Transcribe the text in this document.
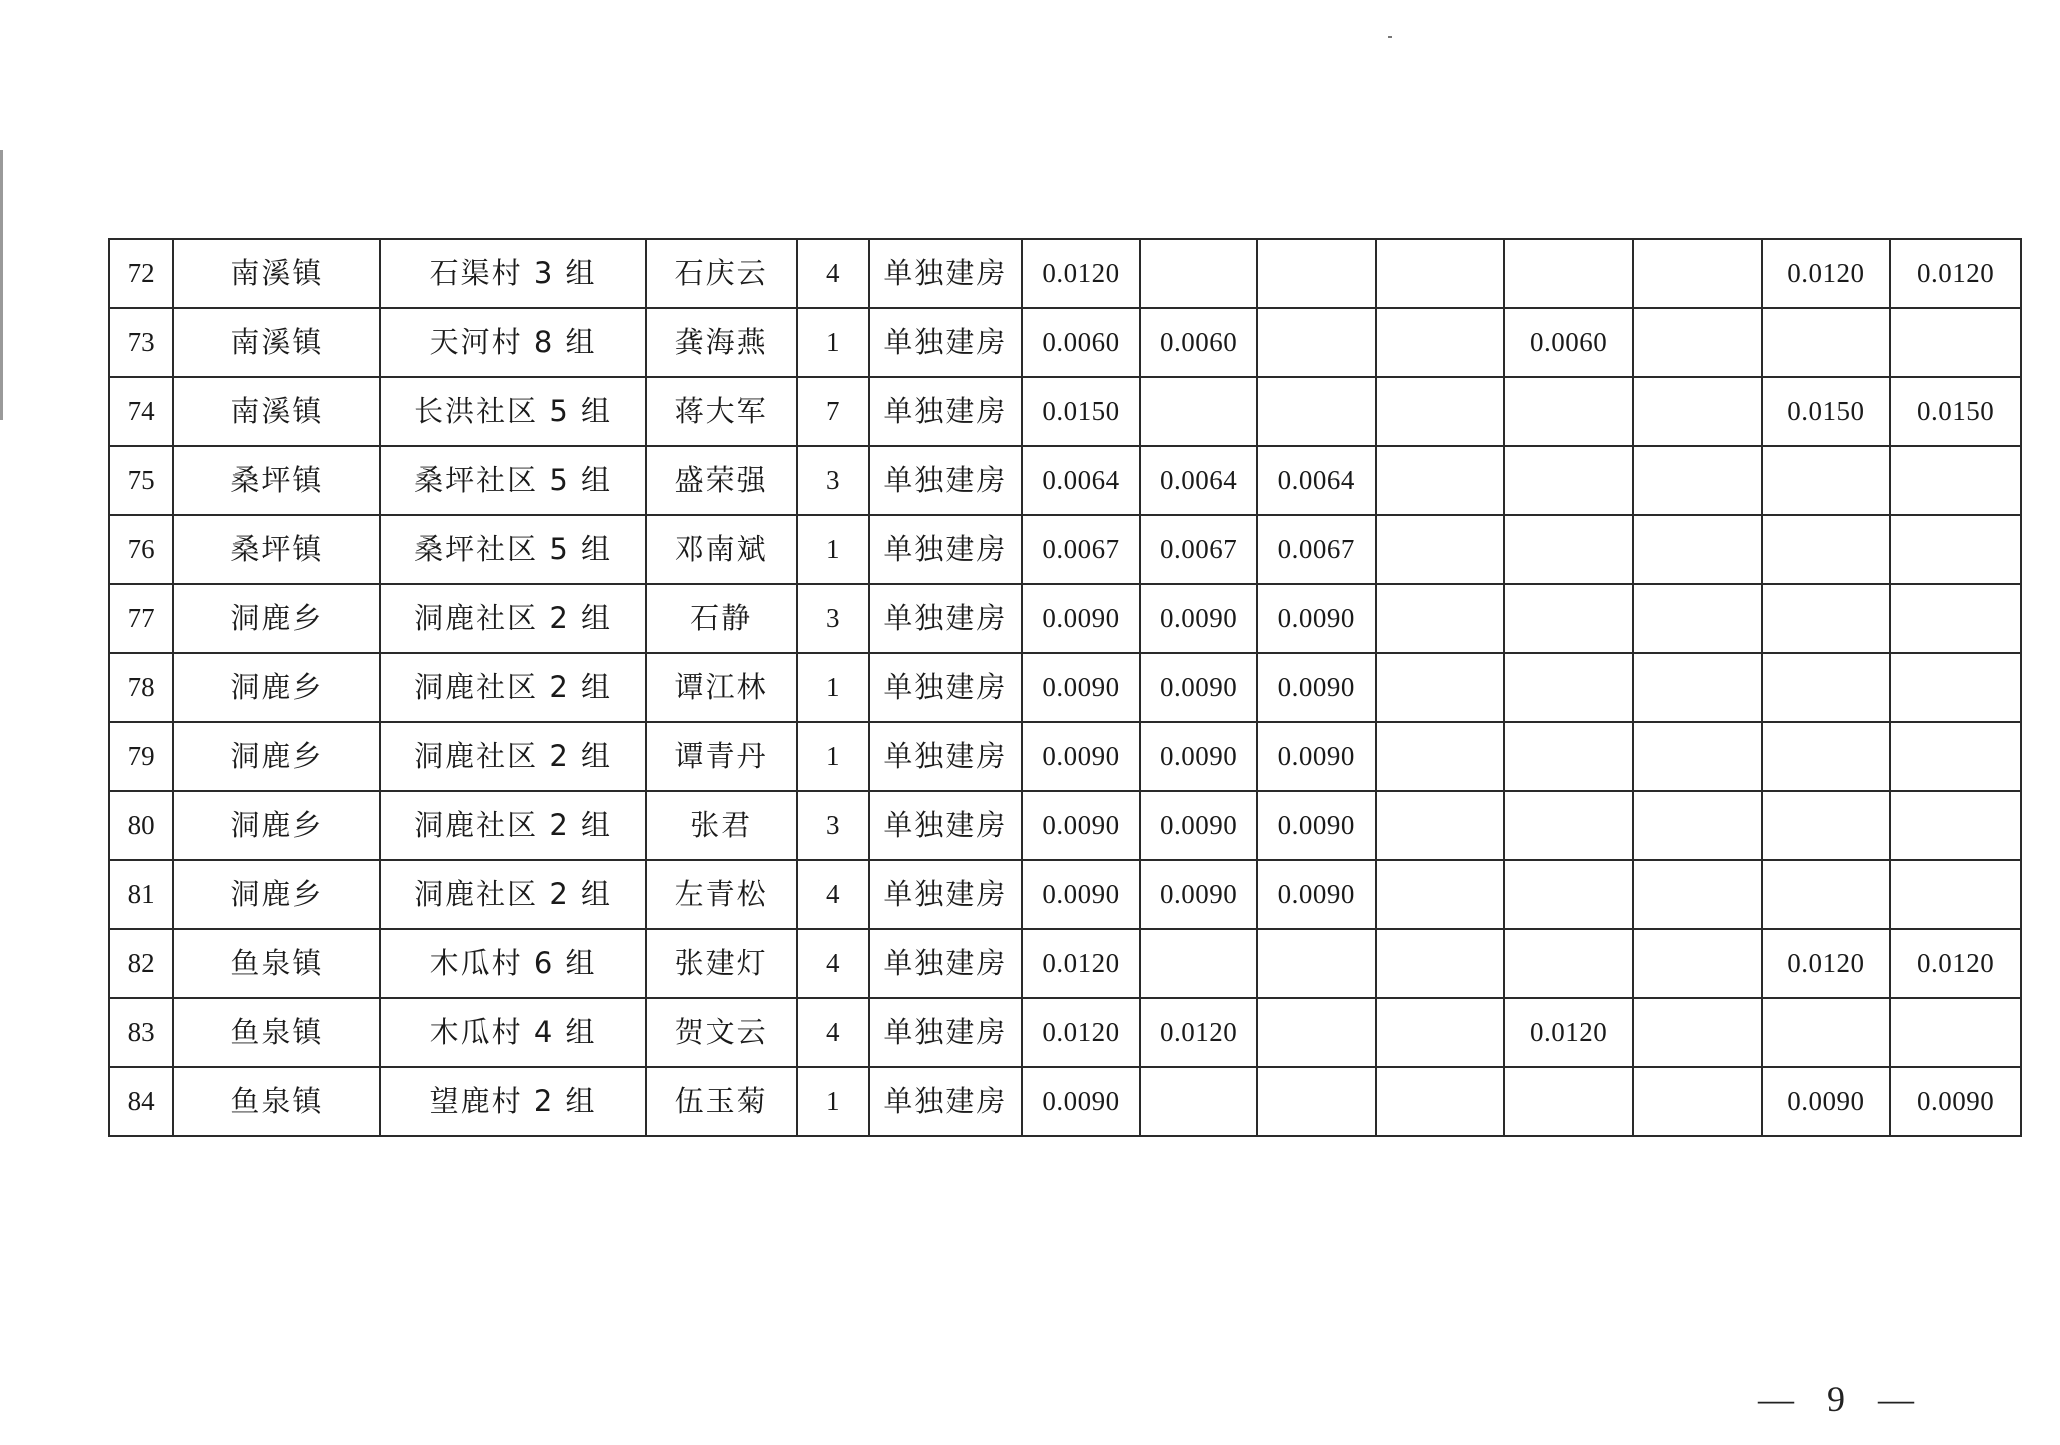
72	南溪镇	石渠村 3 组	石庆云	4	单独建房	0.0120						0.0120	0.0120
73	南溪镇	天河村 8 组	龚海燕	1	单独建房	0.0060	0.0060			0.0060			
74	南溪镇	长洪社区 5 组	蒋大军	7	单独建房	0.0150						0.0150	0.0150
75	桑坪镇	桑坪社区 5 组	盛荣强	3	单独建房	0.0064	0.0064	0.0064					
76	桑坪镇	桑坪社区 5 组	邓南斌	1	单独建房	0.0067	0.0067	0.0067					
77	洞鹿乡	洞鹿社区 2 组	石静	3	单独建房	0.0090	0.0090	0.0090					
78	洞鹿乡	洞鹿社区 2 组	谭江林	1	单独建房	0.0090	0.0090	0.0090					
79	洞鹿乡	洞鹿社区 2 组	谭青丹	1	单独建房	0.0090	0.0090	0.0090					
80	洞鹿乡	洞鹿社区 2 组	张君	3	单独建房	0.0090	0.0090	0.0090					
81	洞鹿乡	洞鹿社区 2 组	左青松	4	单独建房	0.0090	0.0090	0.0090					
82	鱼泉镇	木瓜村 6 组	张建灯	4	单独建房	0.0120						0.0120	0.0120
83	鱼泉镇	木瓜村 4 组	贺文云	4	单独建房	0.0120	0.0120			0.0120			
84	鱼泉镇	望鹿村 2 组	伍玉菊	1	单独建房	0.0090						0.0090	0.0090
— 9 —
